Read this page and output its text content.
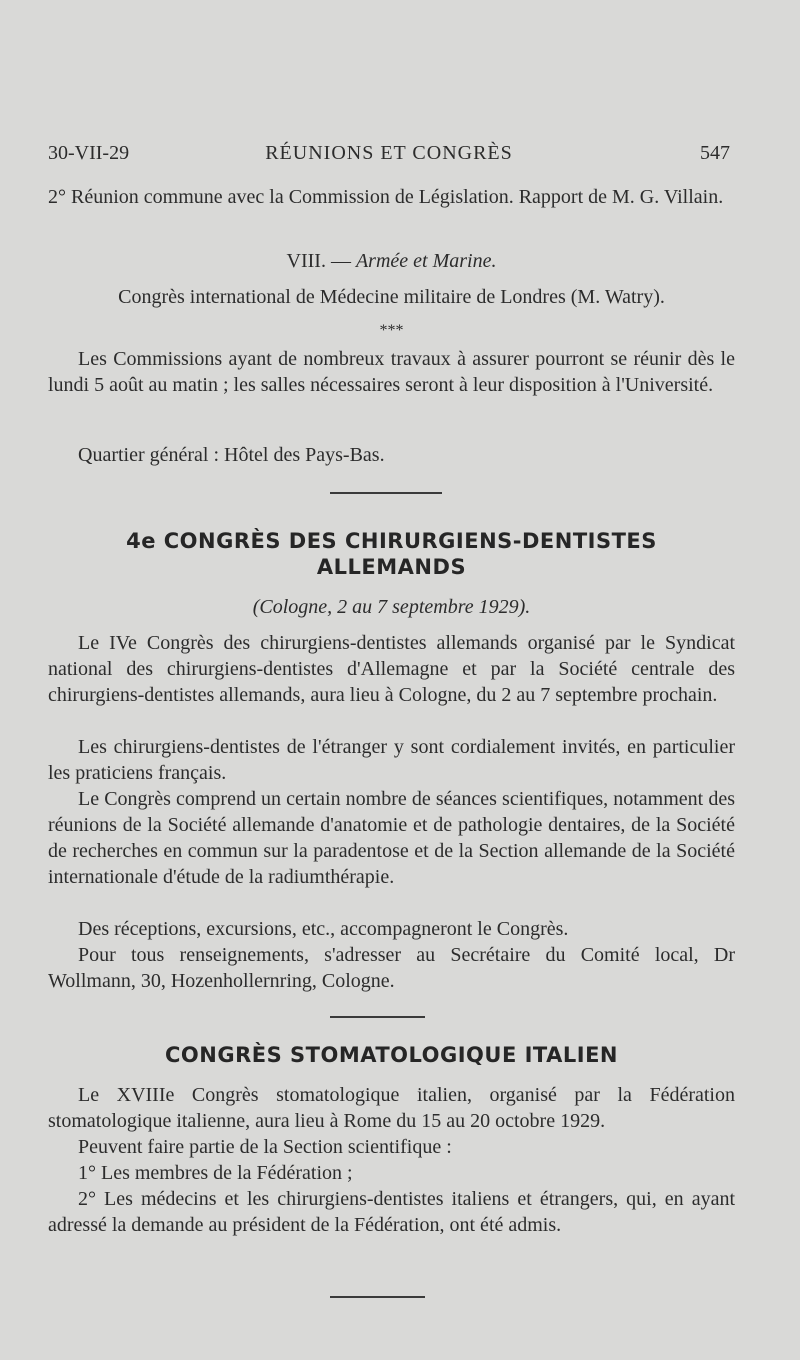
30-VII-29	RÉUNIONS ET CONGRÈS	547
2° Réunion commune avec la Commission de Législation. Rapport de M. G. Villain.
VIII. — Armée et Marine.
Congrès international de Médecine militaire de Londres (M. Watry).
***
Les Commissions ayant de nombreux travaux à assurer pourront se réunir dès le lundi 5 août au matin ; les salles nécessaires seront à leur disposition à l'Université.
Quartier général : Hôtel des Pays-Bas.
4e CONGRÈS DES CHIRURGIENS-DENTISTES ALLEMANDS
(Cologne, 2 au 7 septembre 1929).
Le IVe Congrès des chirurgiens-dentistes allemands organisé par le Syndicat national des chirurgiens-dentistes d'Allemagne et par la Société centrale des chirurgiens-dentistes allemands, aura lieu à Cologne, du 2 au 7 septembre prochain.
Les chirurgiens-dentistes de l'étranger y sont cordialement invités, en particulier les praticiens français.
Le Congrès comprend un certain nombre de séances scientifiques, notamment des réunions de la Société allemande d'anatomie et de pathologie dentaires, de la Société de recherches en commun sur la paradentose et de la Section allemande de la Société internationale d'étude de la radiumthérapie.
Des réceptions, excursions, etc., accompagneront le Congrès.
Pour tous renseignements, s'adresser au Secrétaire du Comité local, Dr Wollmann, 30, Hozenhollernring, Cologne.
CONGRÈS STOMATOLOGIQUE ITALIEN
Le XVIIIe Congrès stomatologique italien, organisé par la Fédération stomatologique italienne, aura lieu à Rome du 15 au 20 octobre 1929.
Peuvent faire partie de la Section scientifique :
1° Les membres de la Fédération ;
2° Les médecins et les chirurgiens-dentistes italiens et étrangers, qui, en ayant adressé la demande au président de la Fédération, ont été admis.
